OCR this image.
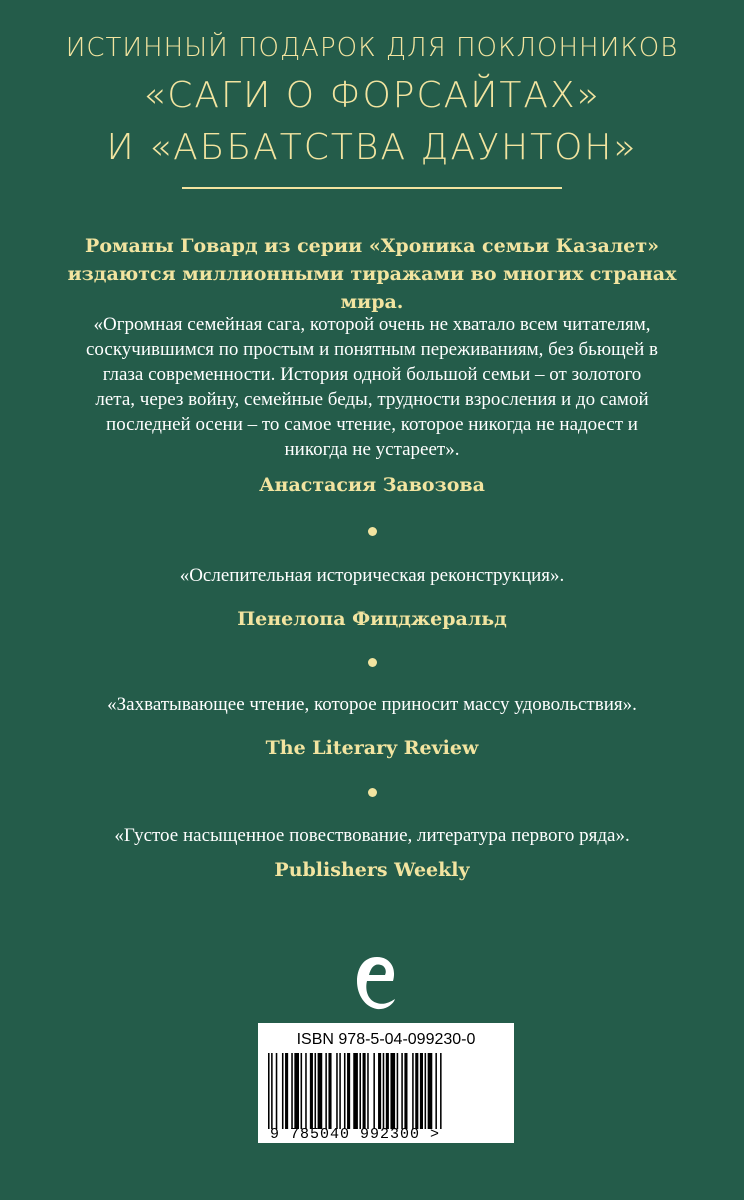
ИСТИННЫЙ ПОДАРОК ДЛЯ ПОКЛОННИКОВ
«САГИ О ФОРСАЙТАХ»
И «АББАТСТВА ДАУНТОН»
Романы Говард из серии «Хроника семьи Казалет»
издаются миллионными тиражами во многих странах мира.
«Огромная семейная сага, которой очень не хватало всем читателям,
соскучившимся по простым и понятным переживаниям, без бьющей в
глаза современности. История одной большой семьи – от золотого
лета, через войну, семейные беды, трудности взросления и до самой
последней осени – то самое чтение, которое никогда не надоест и
никогда не устареет».
Анастасия Завозова
«Ослепительная историческая реконструкция».
Пенелопа Фицджеральд
«Захватывающее чтение, которое приносит массу удовольствия».
The Literary Review
«Густое насыщенное повествование, литература первого ряда».
Publishers Weekly
ISBN 978-5-04-099230-0
9 785040 992300 >
